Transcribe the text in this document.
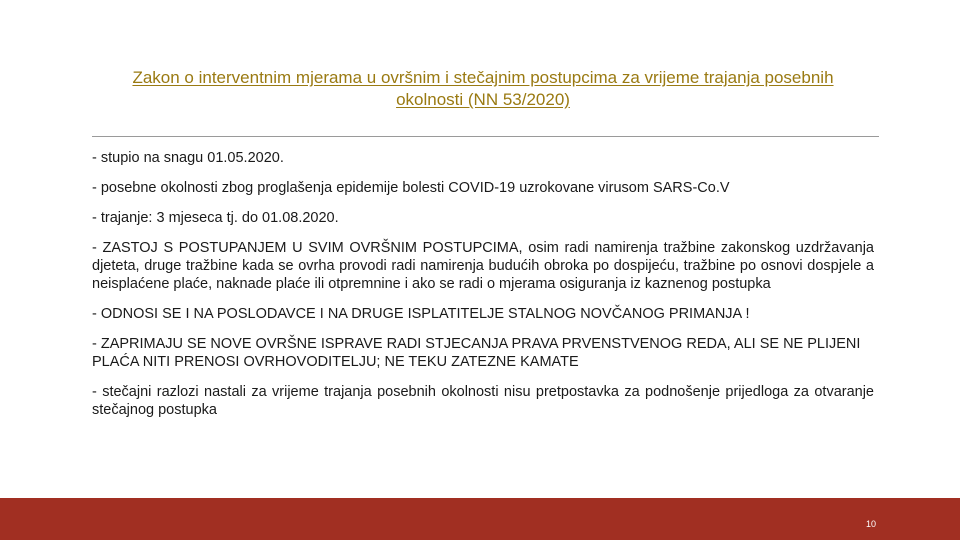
Zakon o interventnim mjerama u ovršnim i stečajnim postupcima za vrijeme trajanja posebnih okolnosti (NN 53/2020)

- stupio na snagu 01.05.2020.

- posebne okolnosti zbog proglašenja epidemije bolesti COVID-19 uzrokovane virusom SARS-Co.V

- trajanje: 3 mjeseca tj. do 01.08.2020.

- ZASTOJ S POSTUPANJEM U SVIM OVRŠNIM POSTUPCIMA, osim radi namirenja tražbine zakonskog uzdržavanja djeteta, druge tražbine kada se ovrha provodi radi namirenja budućih obroka po dospijeću, tražbine po osnovi dospjele a neisplaćene plaće, naknade plaće ili otpremnine i ako se radi o mjerama osiguranja iz kaznenog postupka

- ODNOSI SE I NA POSLODAVCE I NA DRUGE ISPLATITELJE STALNOG NOVČANOG PRIMANJA !

- ZAPRIMAJU SE NOVE OVRŠNE ISPRAVE RADI STJECANJA PRAVA PRVENSTVENOG REDA, ALI SE NE PLIJENI PLAĆA NITI PRENOSI OVRHOVODITELJU; NE TEKU ZATEZNE KAMATE

- stečajni razlozi nastali za vrijeme trajanja posebnih okolnosti nisu pretpostavka za podnošenje prijedloga za otvaranje stečajnog postupka

10
